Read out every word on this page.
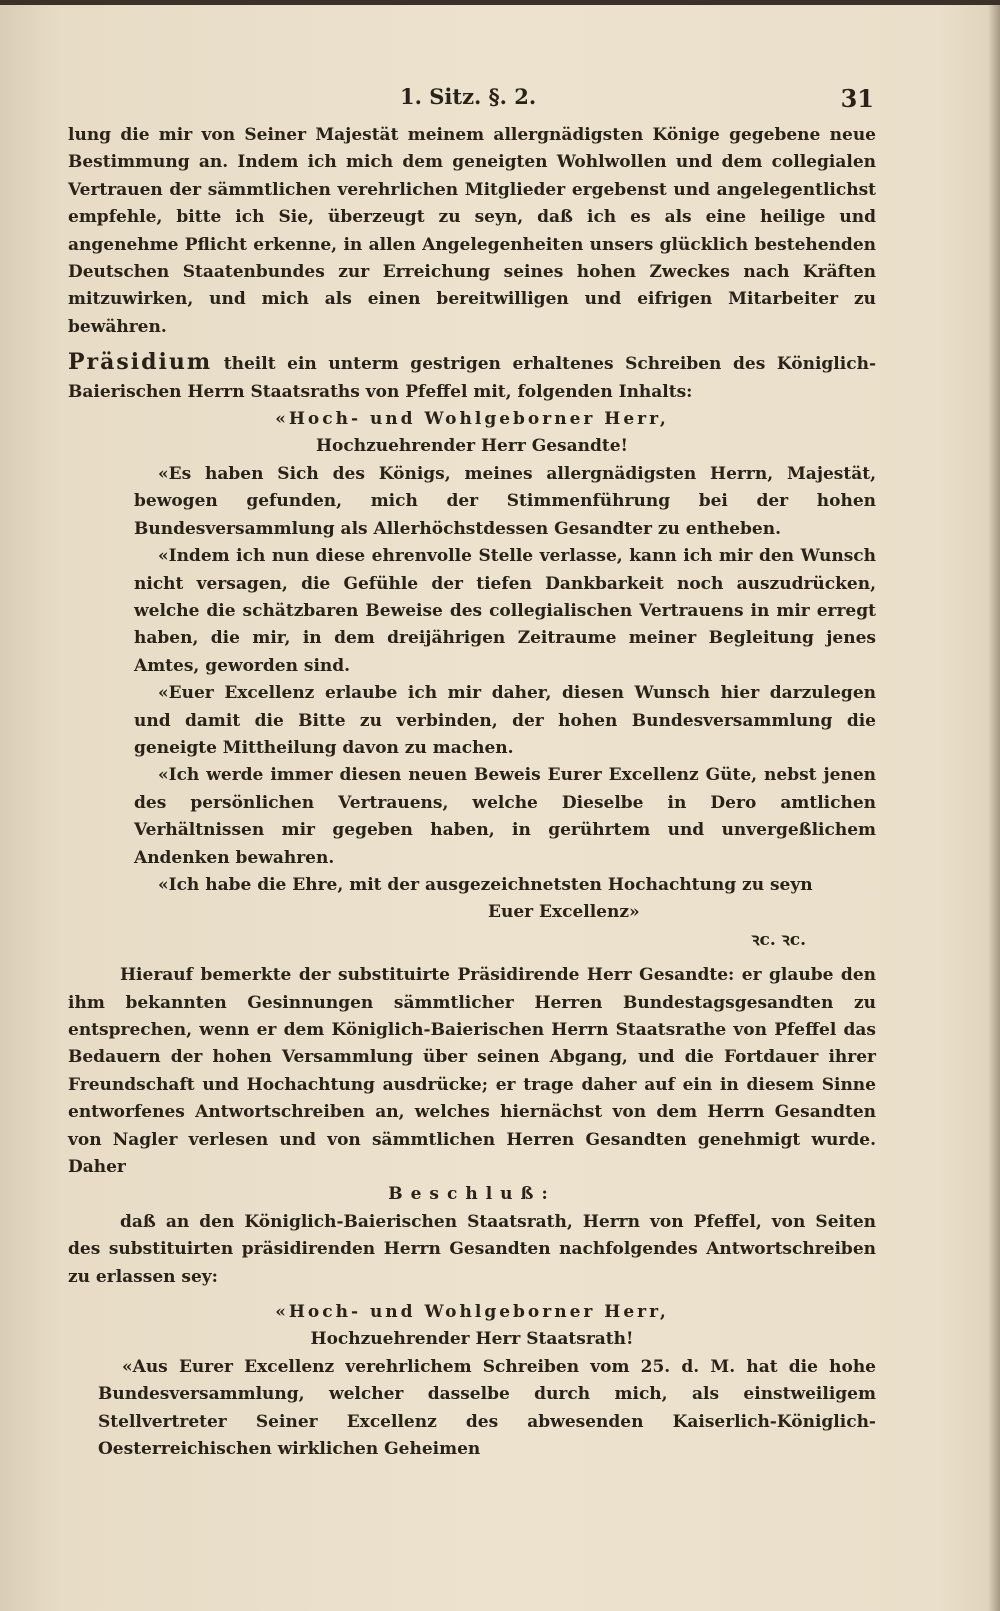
1. Sitz. §. 2.	31

lung die mir von Seiner Majestät meinem allergnädigsten Könige gegebene neue Bestimmung an. Indem ich mich dem geneigten Wohlwollen und dem collegialen Vertrauen der sämmtlichen verehrlichen Mitglieder ergebenst und angelegentlichst empfehle, bitte ich Sie, überzeugt zu seyn, daß ich es als eine heilige und angenehme Pflicht erkenne, in allen Angelegenheiten unsers glücklich bestehenden Deutschen Staatenbundes zur Erreichung seines hohen Zweckes nach Kräften mitzuwirken, und mich als einen bereitwilligen und eifrigen Mitarbeiter zu bewähren.

Präsidium theilt ein unterm gestrigen erhaltenes Schreiben des Königlich-Baierischen Herrn Staatsraths von Pfeffel mit, folgenden Inhalts:

«Hoch- und Wohlgeborner Herr,

Hochzuehrender Herr Gesandte!

«Es haben Sich des Königs, meines allergnädigsten Herrn, Majestät, bewogen gefunden, mich der Stimmenführung bei der hohen Bundesversammlung als Allerhöchstdessen Gesandter zu entheben.

«Indem ich nun diese ehrenvolle Stelle verlasse, kann ich mir den Wunsch nicht versagen, die Gefühle der tiefen Dankbarkeit noch auszudrücken, welche die schätzbaren Beweise des collegialischen Vertrauens in mir erregt haben, die mir, in dem dreijährigen Zeitraume meiner Begleitung jenes Amtes, geworden sind.

«Euer Excellenz erlaube ich mir daher, diesen Wunsch hier darzulegen und damit die Bitte zu verbinden, der hohen Bundesversammlung die geneigte Mittheilung davon zu machen.

«Ich werde immer diesen neuen Beweis Eurer Excellenz Güte, nebst jenen des persönlichen Vertrauens, welche Dieselbe in Dero amtlichen Verhältnissen mir gegeben haben, in gerührtem und unvergeßlichem Andenken bewahren.

«Ich habe die Ehre, mit der ausgezeichnetsten Hochachtung zu seyn

Euer Excellenz»

ꝛc. ꝛc.

Hierauf bemerkte der substituirte Präsidirende Herr Gesandte: er glaube den ihm bekannten Gesinnungen sämmtlicher Herren Bundestagsgesandten zu entsprechen, wenn er dem Königlich-Baierischen Herrn Staatsrathe von Pfeffel das Bedauern der hohen Versammlung über seinen Abgang, und die Fortdauer ihrer Freundschaft und Hochachtung ausdrücke; er trage daher auf ein in diesem Sinne entworfenes Antwortschreiben an, welches hiernächst von dem Herrn Gesandten von Nagler verlesen und von sämmtlichen Herren Gesandten genehmigt wurde. Daher

Beschluß:

daß an den Königlich-Baierischen Staatsrath, Herrn von Pfeffel, von Seiten des substituirten präsidirenden Herrn Gesandten nachfolgendes Antwortschreiben zu erlassen sey:

«Hoch- und Wohlgeborner Herr,

Hochzuehrender Herr Staatsrath!

«Aus Eurer Excellenz verehrlichem Schreiben vom 25. d. M. hat die hohe Bundesversammlung, welcher dasselbe durch mich, als einstweiligem Stellvertreter Seiner Excellenz des abwesenden Kaiserlich-Königlich-Oesterreichischen wirklichen Geheimen
